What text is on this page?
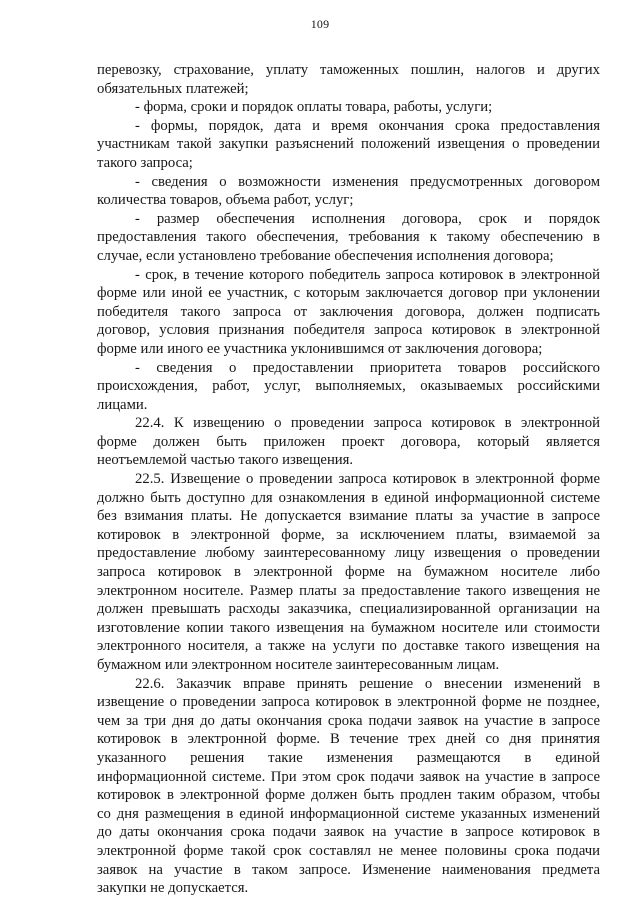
109
перевозку, страхование, уплату таможенных пошлин, налогов и других
обязательных платежей;
- форма, сроки и порядок оплаты товара, работы, услуги;
- формы, порядок, дата и время окончания срока предоставления
участникам такой закупки разъяснений положений извещения о проведении
такого запроса;
- сведения о возможности изменения предусмотренных договором
количества товаров, объема работ, услуг;
- размер обеспечения исполнения договора, срок и порядок
предоставления такого обеспечения, требования к такому обеспечению в
случае, если установлено требование обеспечения исполнения договора;
- срок, в течение которого победитель запроса котировок в электронной
форме или иной ее участник, с которым заключается договор при уклонении
победителя такого запроса от заключения договора, должен подписать
договор, условия признания победителя запроса котировок в электронной
форме или иного ее участника уклонившимся от заключения договора;
- сведения о предоставлении приоритета товаров российского
происхождения, работ, услуг, выполняемых, оказываемых российскими
лицами.
22.4. К извещению о проведении запроса котировок в электронной
форме должен быть приложен проект договора, который является
неотъемлемой частью такого извещения.
22.5. Извещение о проведении запроса котировок в электронной форме
должно быть доступно для ознакомления в единой информационной системе
без взимания платы. Не допускается взимание платы за участие в запросе
котировок в электронной форме, за исключением платы, взимаемой за
предоставление любому заинтересованному лицу извещения о проведении
запроса котировок в электронной форме на бумажном носителе либо
электронном носителе. Размер платы за предоставление такого извещения не
должен превышать расходы заказчика, специализированной организации на
изготовление копии такого извещения на бумажном носителе или стоимости
электронного носителя, а также на услуги по доставке такого извещения на
бумажном или электронном носителе заинтересованным лицам.
22.6. Заказчик вправе принять решение о внесении изменений в
извещение о проведении запроса котировок в электронной форме не позднее,
чем за три дня до даты окончания срока подачи заявок на участие в запросе
котировок в электронной форме. В течение трех дней со дня принятия
указанного решения такие изменения размещаются в единой
информационной системе. При этом срок подачи заявок на участие в запросе
котировок в электронной форме должен быть продлен таким образом, чтобы
со дня размещения в единой информационной системе указанных изменений
до даты окончания срока подачи заявок на участие в запросе котировок в
электронной форме такой срок составлял не менее половины срока подачи
заявок на участие в таком запросе. Изменение наименования предмета
закупки не допускается.
